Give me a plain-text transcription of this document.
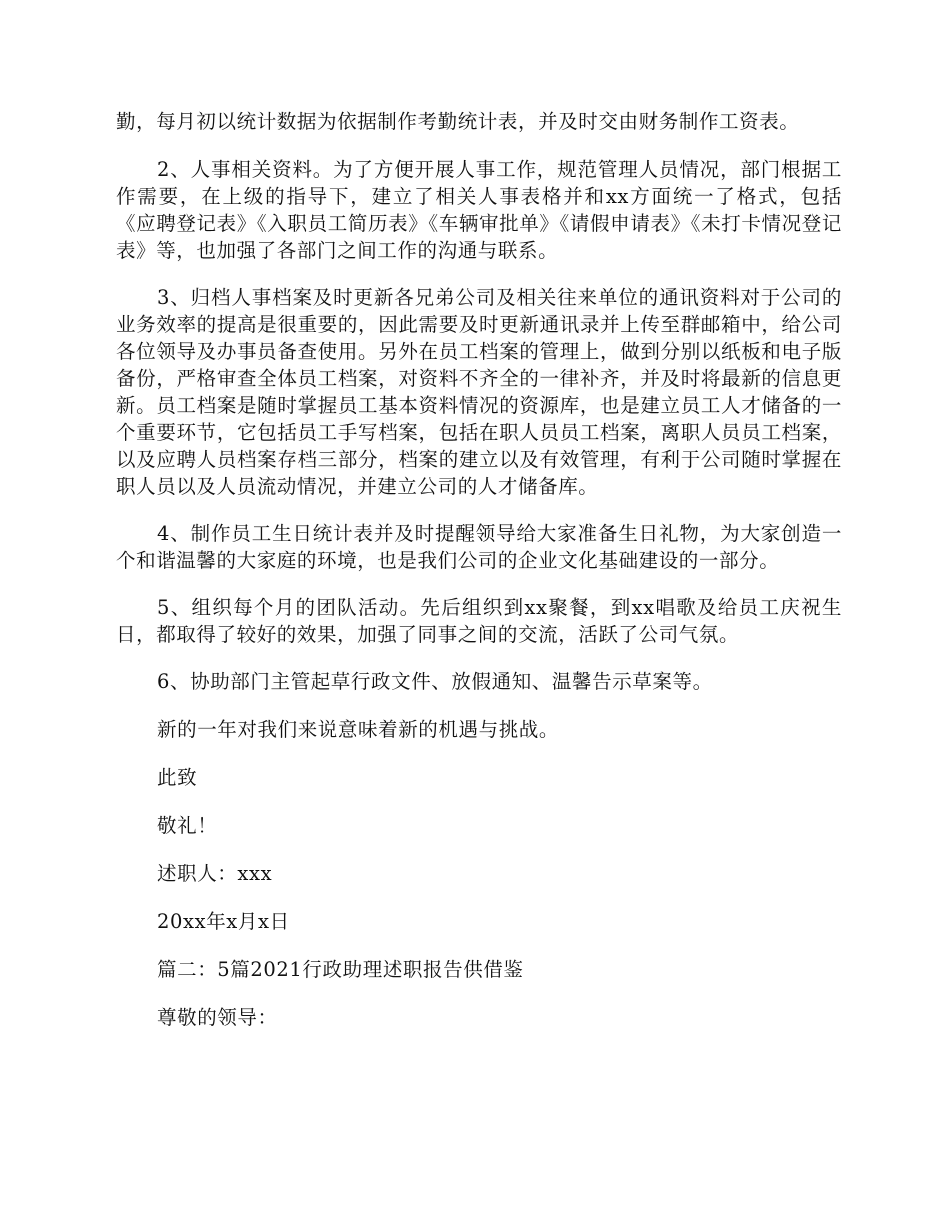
勤，每月初以统计数据为依据制作考勤统计表，并及时交由财务制作工资表。

2、人事相关资料。为了方便开展人事工作，规范管理人员情况，部门根据工作需要，在上级的指导下，建立了相关人事表格并和xx方面统一了格式，包括《应聘登记表》《入职员工简历表》《车辆审批单》《请假申请表》《未打卡情况登记表》等，也加强了各部门之间工作的沟通与联系。

3、归档人事档案及时更新各兄弟公司及相关往来单位的通讯资料对于公司的业务效率的提高是很重要的，因此需要及时更新通讯录并上传至群邮箱中，给公司各位领导及办事员备查使用。另外在员工档案的管理上，做到分别以纸板和电子版备份，严格审查全体员工档案，对资料不齐全的一律补齐，并及时将最新的信息更新。员工档案是随时掌握员工基本资料情况的资源库，也是建立员工人才储备的一个重要环节，它包括员工手写档案，包括在职人员员工档案，离职人员员工档案，以及应聘人员档案存档三部分，档案的建立以及有效管理，有利于公司随时掌握在职人员以及人员流动情况，并建立公司的人才储备库。

4、制作员工生日统计表并及时提醒领导给大家准备生日礼物，为大家创造一个和谐温馨的大家庭的环境，也是我们公司的企业文化基础建设的一部分。

5、组织每个月的团队活动。先后组织到xx聚餐，到xx唱歌及给员工庆祝生日，都取得了较好的效果，加强了同事之间的交流，活跃了公司气氛。

6、协助部门主管起草行政文件、放假通知、温馨告示草案等。

新的一年对我们来说意味着新的机遇与挑战。

此致

敬礼！

述职人：xxx

20xx年x月x日

篇二：5篇2021行政助理述职报告供借鉴

尊敬的领导：
